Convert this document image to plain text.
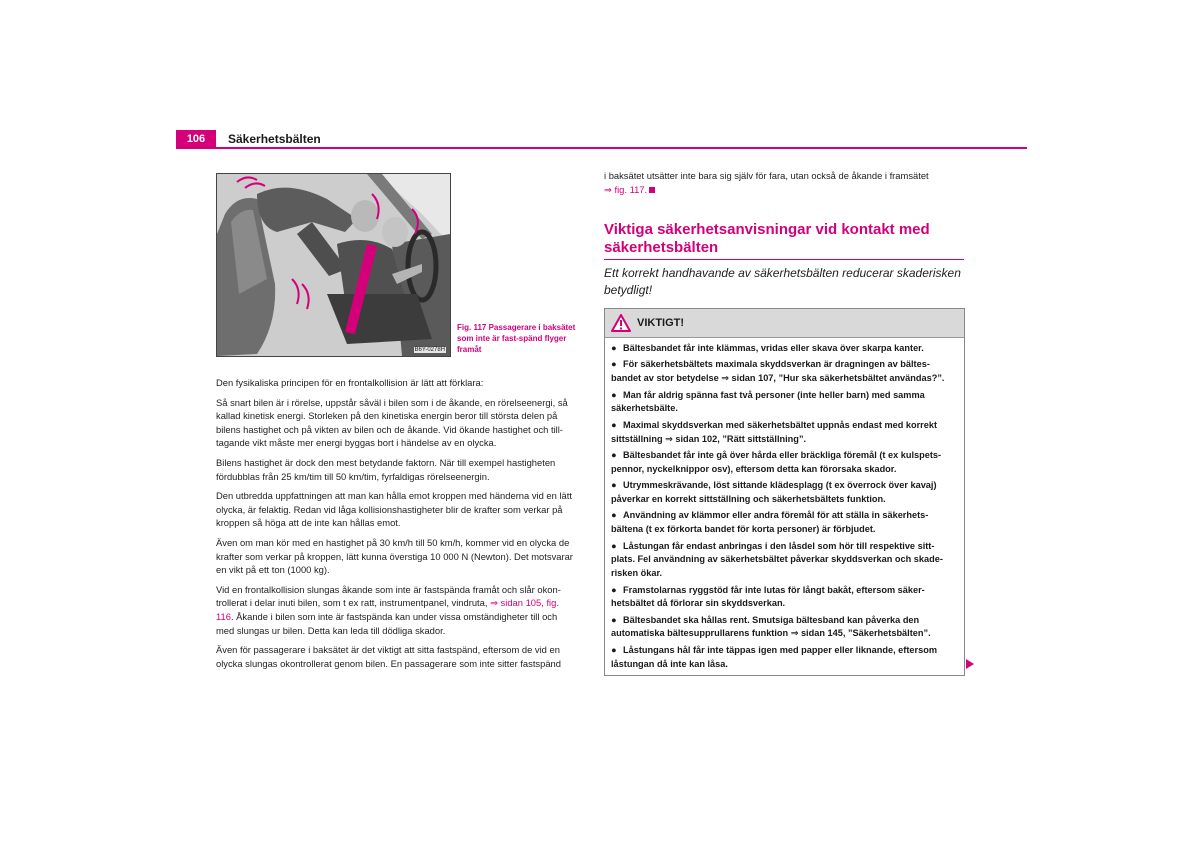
106	Säkerhetsbälten
B6Y-0278H
Fig. 117 Passagerare i baksätet som inte är fast-spänd flyger framåt

Den fysikaliska principen för en frontalkollision är lätt att förklara:

Så snart bilen är i rörelse, uppstår såväl i bilen som i de åkande, en rörelseenergi, så kallad kinetisk energi. Storleken på den kinetiska energin beror till största delen på bilens hastighet och på vikten av bilen och de åkande. Vid ökande hastighet och till-tagande vikt måste mer energi byggas bort i händelse av en olycka.

Bilens hastighet är dock den mest betydande faktorn. När till exempel hastigheten fördubblas från 25 km/tim till 50 km/tim, fyrfaldigas rörelseenergin.

Den utbredda uppfattningen att man kan hålla emot kroppen med händerna vid en lätt olycka, är felaktig. Redan vid låga kollisionshastigheter blir de krafter som verkar på kroppen så höga att de inte kan hållas emot.

Även om man kör med en hastighet på 30 km/h till 50 km/h, kommer vid en olycka de krafter som verkar på kroppen, lätt kunna överstiga 10 000 N (Newton). Det motsvarar en vikt på ett ton (1000 kg).

Vid en frontalkollision slungas åkande som inte är fastspända framåt och slår okon-trollerat i delar inuti bilen, som t ex ratt, instrumentpanel, vindruta, ⇒ sidan 105, fig. 116. Åkande i bilen som inte är fastspända kan under vissa omständigheter till och med slungas ur bilen. Detta kan leda till dödliga skador.

Även för passagerare i baksätet är det viktigt att sitta fastspänd, eftersom de vid en olycka slungas okontrollerat genom bilen. En passagerare som inte sitter fastspänd

i baksätet utsätter inte bara sig själv för fara, utan också de åkande i framsätet
⇒ fig. 117.
Viktiga säkerhetsanvisningar vid kontakt med säkerhetsbälten
Ett korrekt handhavande av säkerhetsbälten reducerar skaderisken betydligt!
VIKTIGT!
● Bältesbandet får inte klämmas, vridas eller skava över skarpa kanter.
● För säkerhetsbältets maximala skyddsverkan är dragningen av bältes-bandet av stor betydelse ⇒ sidan 107, ”Hur ska säkerhetsbältet användas?”.
● Man får aldrig spänna fast två personer (inte heller barn) med samma säkerhetsbälte.
● Maximal skyddsverkan med säkerhetsbältet uppnås endast med korrekt sittställning ⇒ sidan 102, ”Rätt sittställning”.
● Bältesbandet får inte gå över hårda eller bräckliga föremål (t ex kulspets-pennor, nyckelknippor osv), eftersom detta kan förorsaka skador.
● Utrymmeskrävande, löst sittande klädesplagg (t ex överrock över kavaj) påverkar en korrekt sittställning och säkerhetsbältets funktion.
● Användning av klämmor eller andra föremål för att ställa in säkerhets-bältena (t ex förkorta bandet för korta personer) är förbjudet.
● Låstungan får endast anbringas i den låsdel som hör till respektive sitt-plats. Fel användning av säkerhetsbältet påverkar skyddsverkan och skade-risken ökar.
● Framstolarnas ryggstöd får inte lutas för långt bakåt, eftersom säker-hetsbältet då förlorar sin skyddsverkan.
● Bältesbandet ska hållas rent. Smutsiga bältesband kan påverka den automatiska bältesupprullarens funktion ⇒ sidan 145, ”Säkerhetsbälten”.
● Låstungans hål får inte täppas igen med papper eller liknande, eftersom låstungan då inte kan låsa.
